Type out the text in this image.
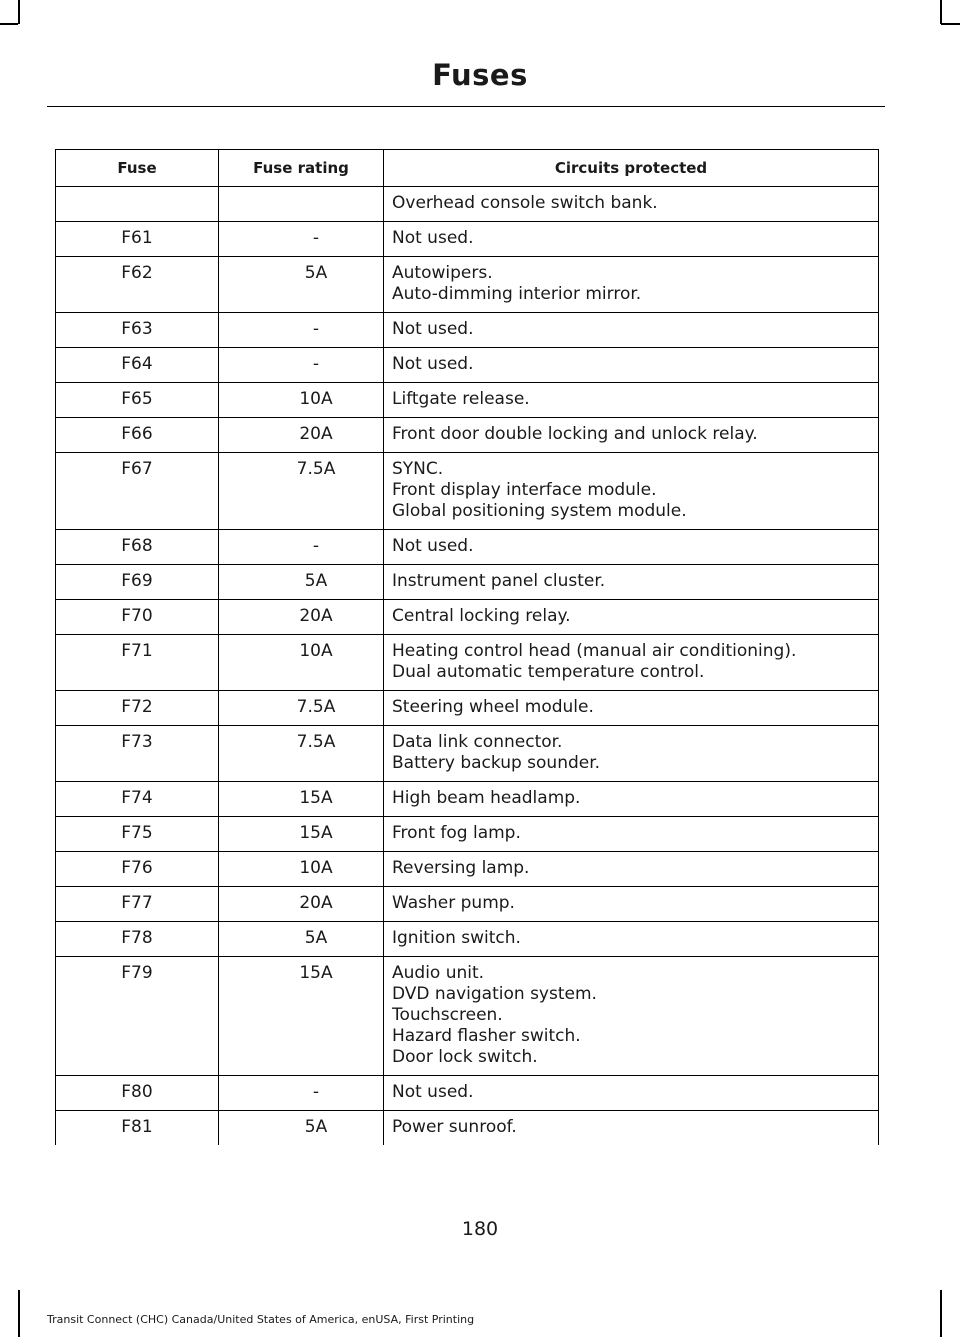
Fuses
Fuse	Fuse rating	Circuits protected

		Overhead console switch bank.

F61	-	Not used.

F62	5A	Autowipers.
Auto-dimming interior mirror.

F63	-	Not used.

F64	-	Not used.

F65	10A	Liftgate release.

F66	20A	Front door double locking and unlock relay.

F67	7.5A	SYNC.
Front display interface module.
Global positioning system module.

F68	-	Not used.

F69	5A	Instrument panel cluster.

F70	20A	Central locking relay.

F71	10A	Heating control head (manual air conditioning).
Dual automatic temperature control.

F72	7.5A	Steering wheel module.

F73	7.5A	Data link connector.
Battery backup sounder.

F74	15A	High beam headlamp.

F75	15A	Front fog lamp.

F76	10A	Reversing lamp.

F77	20A	Washer pump.

F78	5A	Ignition switch.

F79	15A	Audio unit.
DVD navigation system.
Touchscreen.
Hazard flasher switch.
Door lock switch.

F80	-	Not used.

F81	5A	Power sunroof.
180
Transit Connect (CHC) Canada/United States of America, enUSA, First Printing
